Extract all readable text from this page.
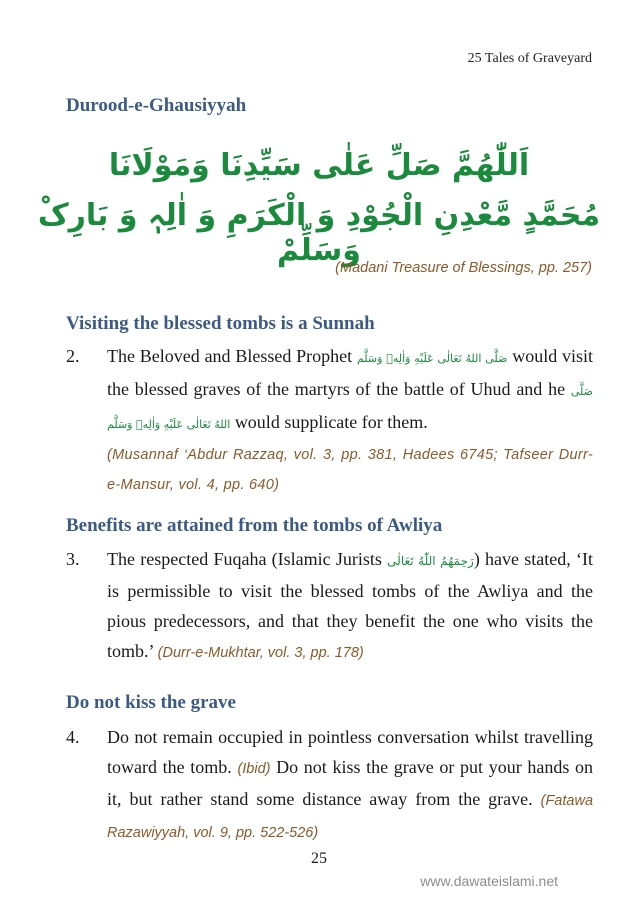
25 Tales of Graveyard
Durood-e-Ghausiyyah
اَللّٰھُمَّ صَلِّ عَلٰی سَیِّدِنَا وَمَوْلَانَا
مُحَمَّدٍ مَّعْدِنِ الْجُوْدِ وَ الْکَرَمِ وَ اٰلِہٖ وَ بَارِکْ وَسَلِّمْ
(Madani Treasure of Blessings, pp. 257)
Visiting the blessed tombs is a Sunnah
2. The Beloved and Blessed Prophet صَلَّى اللهُ تَعَالٰى عَلَيْهِ وَاٰلِهٖ وَسَلَّم would visit the blessed graves of the martyrs of the battle of Uhud and he صَلَّى اللهُ تَعَالٰى عَلَيْهِ وَاٰلِهٖ وَسَلَّم would supplicate for them.
(Musannaf ‘Abdur Razzaq, vol. 3, pp. 381, Hadees 6745; Tafseer Durr-e-Mansur, vol. 4, pp. 640)
Benefits are attained from the tombs of Awliya
3. The respected Fuqaha (Islamic Jurists رَحِمَهُمُ اللّٰهُ تَعَالٰى) have stated, ‘It is permissible to visit the blessed tombs of the Awliya and the pious predecessors, and that they benefit the one who visits the tomb.’ (Durr-e-Mukhtar, vol. 3, pp. 178)
Do not kiss the grave
4. Do not remain occupied in pointless conversation whilst travelling toward the tomb. (Ibid) Do not kiss the grave or put your hands on it, but rather stand some distance away from the grave. (Fatawa Razawiyyah, vol. 9, pp. 522-526)
25
www.dawateislami.net
